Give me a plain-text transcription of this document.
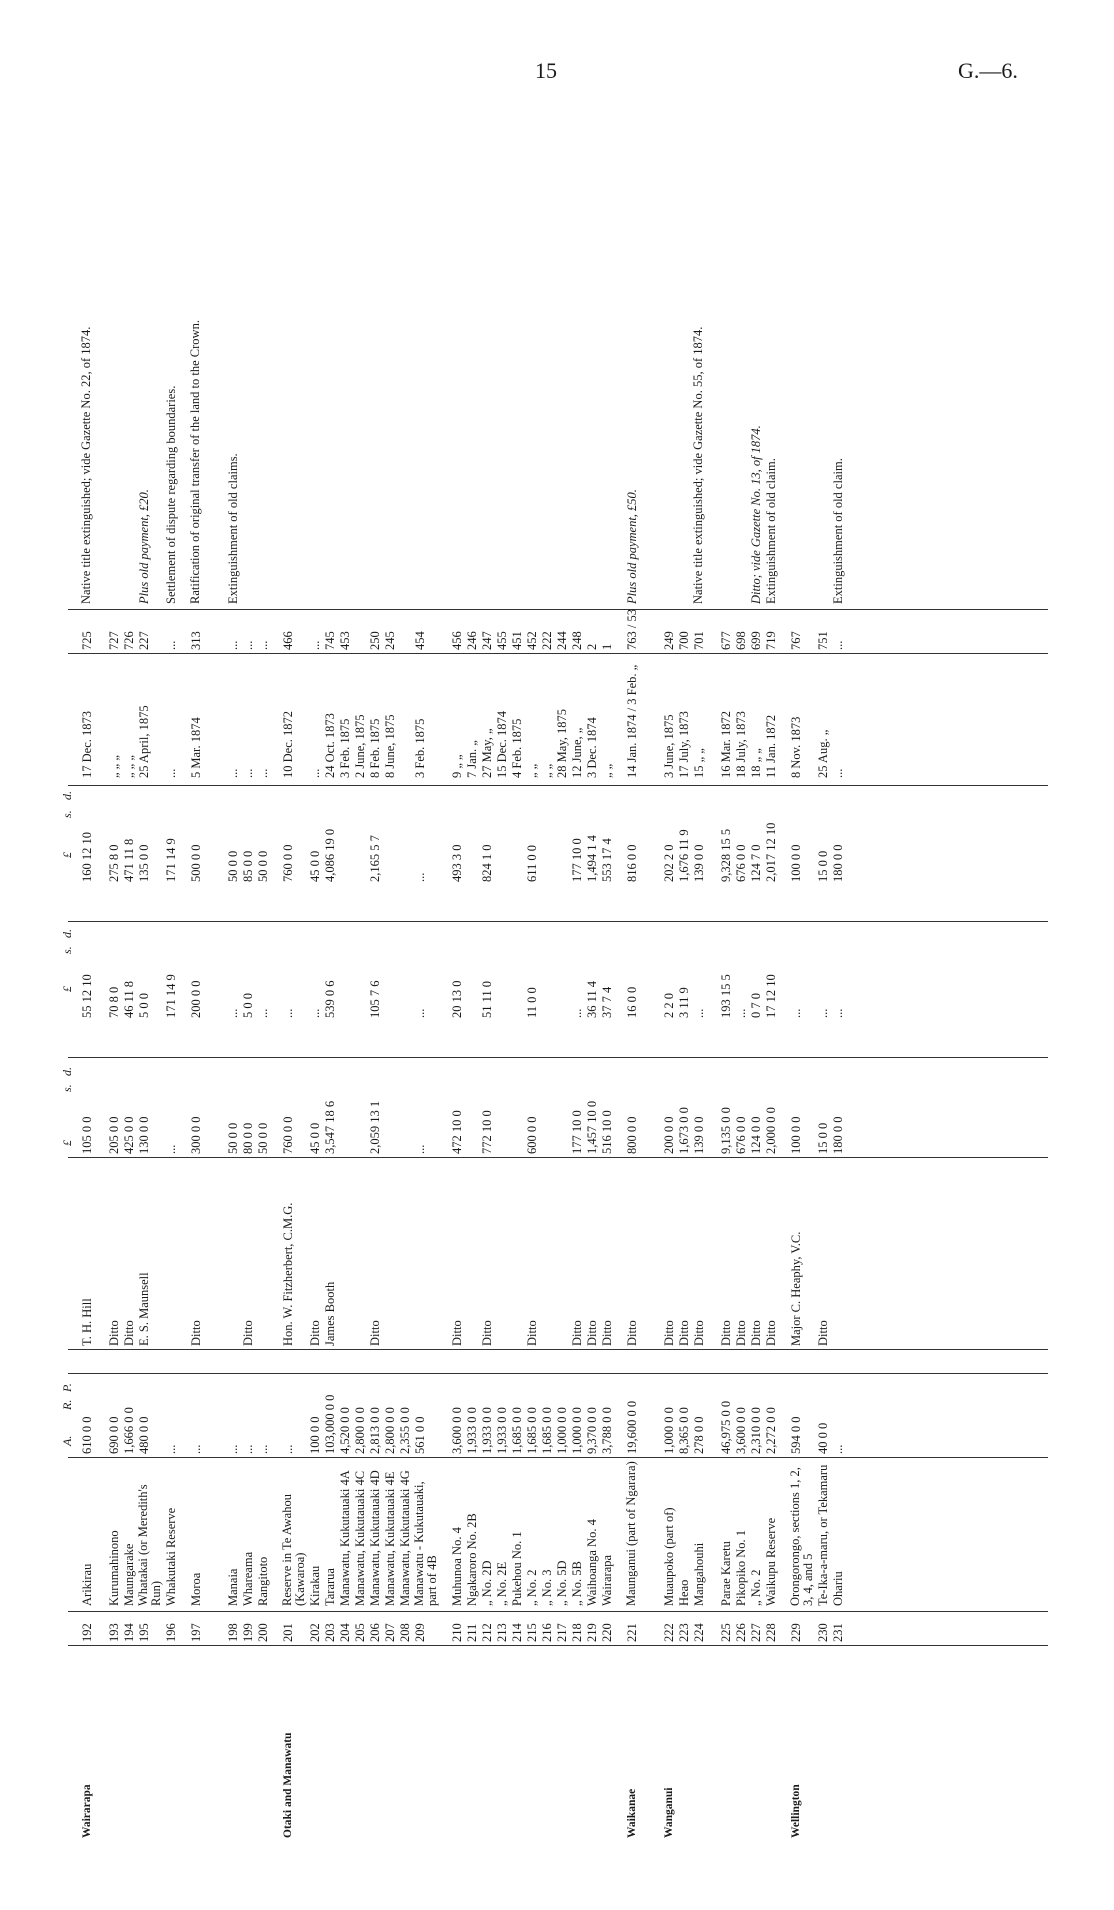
15	G.—6.
A.
R.
P.
£
s.
d.
£
s.
d.
£
s.
d.
Wairarapa
192
Arikirau
610 0 0
T. H. Hill
105 0 0
55 12 10
160 12 10
17 Dec. 1873
725
Native title extinguished; vide Gazette No. 22, of 1874.
193
Kurumahinono
690 0 0
Ditto
205 0 0
70 8 0
275 8 0
„ „ „
727
194
Maungarake
1,666 0 0
Ditto
425 0 0
46 11 8
471 11 8
„ „ „
726
195
Whatakai (or Meredith's Run)
480 0 0
E. S. Maunsell
130 0 0
5 0 0
135 0 0
25 April, 1875
227
Plus old payment, £20.
196
Whakutaki Reserve
...
...
171 14 9
171 14 9
...
...
Settlement of dispute regarding boundaries.
197
Moroa
...
Ditto
300 0 0
200 0 0
500 0 0
5 Mar. 1874
313
Ratification of original transfer of the land to the Crown.
198
Manaia
...
50 0 0
...
50 0 0
...
...
Extinguishment of old claims.
199
Whareama
...
Ditto
80 0 0
5 0 0
85 0 0
...
...
200
Rangitoto
...
50 0 0
...
50 0 0
...
...
Otaki and Manawatu
201
Reserve in Te Awahou (Kawaroa)
...
Hon. W. Fitzherbert, C.M.G.
760 0 0
...
760 0 0
10 Dec. 1872
466
202
Kirakau
100 0 0
Ditto
45 0 0
...
45 0 0
...
...
203
Tararua
103,000 0 0
James Booth
3,547 18 6
539 0 6
4,086 19 0
24 Oct. 1873
745
204
Manawatu, Kukutauaki 4A
4,520 0 0
3 Feb. 1875
453
205
Manawatu, Kukutauaki 4C
2,800 0 0
2 June, 1875
206
Manawatu, Kukutauaki 4D
2,813 0 0
Ditto
2,059 13 1
105 7 6
2,165 5 7
8 Feb. 1875
250
207
Manawatu, Kukutauaki 4E
2,800 0 0
8 June, 1875
245
208
Manawatu, Kukutauaki 4G
2,355 0 0
209
Manawatu - Kukutauaki, part of 4B
561 0 0
...
...
...
3 Feb. 1875
454
210
Muhunoa No. 4
3,600 0 0
Ditto
472 10 0
20 13 0
493 3 0
9 „ „
456
211
Ngakaroro No. 2B
1,933 0 0
7 Jan. „
246
212
„ No. 2D
1,933 0 0
Ditto
772 10 0
51 11 0
824 1 0
27 May, „
247
213
„ No. 2E
1,933 0 0
15 Dec. 1874
455
214
Pukehou No. 1
1,685 0 0
4 Feb. 1875
451
215
„ No. 2
1,685 0 0
Ditto
600 0 0
11 0 0
611 0 0
„ „
452
216
„ No. 3
1,685 0 0
„ „
222
217
„ No. 5D
1,000 0 0
28 May, 1875
244
218
„ No. 5B
1,000 0 0
Ditto
177 10 0
...
177 10 0
12 June, „
248
219
Waihoanga No. 4
9,370 0 0
Ditto
1,457 10 0
36 11 4
1,494 1 4
3 Dec. 1874
2
220
Wairarapa
3,788 0 0
Ditto
516 10 0
37 7 4
553 17 4
„ „
1
Waikanae
221
Maunganui (part of Ngarara)
19,600 0 0
Ditto
800 0 0
16 0 0
816 0 0
14 Jan. 1874 / 3 Feb. „
763 / 53
Plus old payment, £50.
Wanganui
222
Muaupoko (part of)
1,000 0 0
Ditto
200 0 0
2 2 0
202 2 0
3 June, 1875
249
223
Heao
8,365 0 0
Ditto
1,673 0 0
3 11 9
1,676 11 9
17 July, 1873
700
224
Mangahouhi
278 0 0
Ditto
139 0 0
...
139 0 0
15 „ „
701
Native title extinguished; vide Gazette No. 55, of 1874.
225
Parae Karetu
46,975 0 0
Ditto
9,135 0 0
193 15 5
9,328 15 5
16 Mar. 1872
677
226
Pikopiko No. 1
3,600 0 0
Ditto
676 0 0
...
676 0 0
18 July, 1873
698
227
„ No. 2
2,310 0 0
Ditto
124 0 0
0 7 0
124 7 0
18 „ „
699
Ditto; vide Gazette No. 13, of 1874.
228
Waikupu Reserve
2,272 0 0
Ditto
2,000 0 0
17 12 10
2,017 12 10
11 Jan. 1872
719
Extinguishment of old claim.
Wellington
229
Orongorongo, sections 1, 2, 3, 4, and 5
594 0 0
Major C. Heaphy, V.C.
100 0 0
...
100 0 0
8 Nov. 1873
767
230
Te-Ika-a-maru, or Tekamaru
40 0 0
Ditto
15 0 0
...
15 0 0
25 Aug. „
751
231
Ohariu
...
180 0 0
...
180 0 0
...
...
Extinguishment of old claim.
